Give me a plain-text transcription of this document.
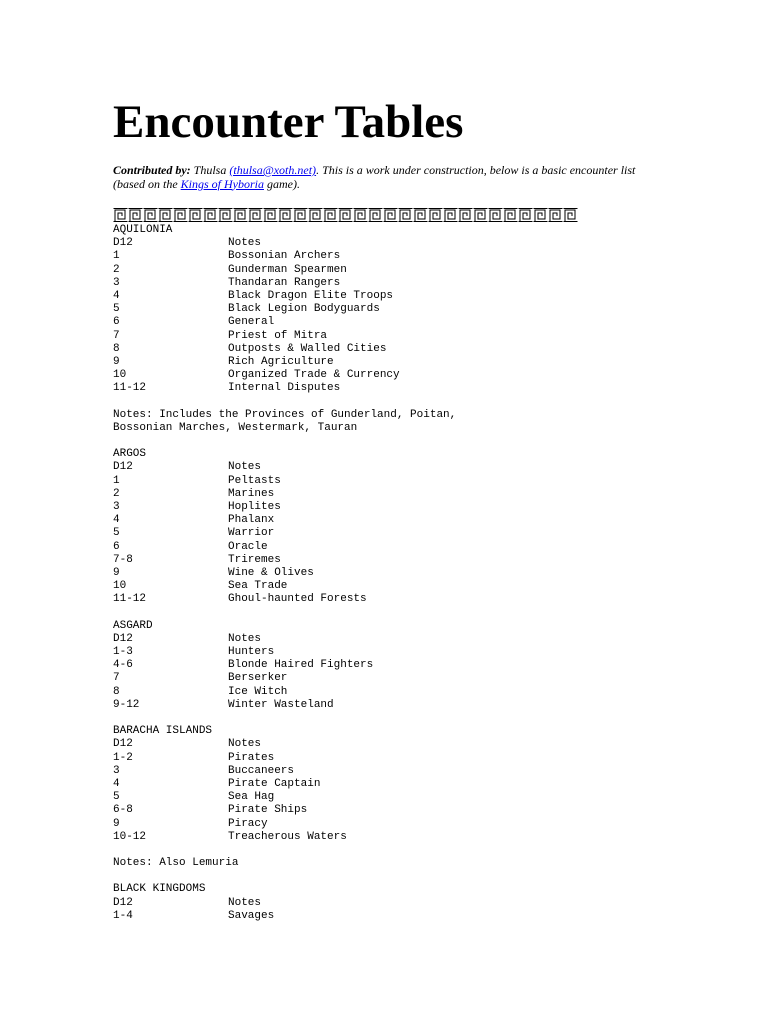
Encounter Tables
Contributed by: Thulsa (thulsa@xoth.net). This is a work under construction, below is a basic encounter list (based on the Kings of Hyboria game).
AQUILONIA
D12	Notes
1	Bossonian Archers
2	Gunderman Spearmen
3	Thandaran Rangers
4	Black Dragon Elite Troops
5	Black Legion Bodyguards
6	General
7	Priest of Mitra
8	Outposts & Walled Cities
9	Rich Agriculture
10	Organized Trade & Currency
11-12	Internal Disputes
Notes: Includes the Provinces of Gunderland, Poitan,
Bossonian Marches, Westermark, Tauran
ARGOS
D12	Notes
1	Peltasts
2	Marines
3	Hoplites
4	Phalanx
5	Warrior
6	Oracle
7-8	Triremes
9	Wine & Olives
10	Sea Trade
11-12	Ghoul-haunted Forests
ASGARD
D12	Notes
1-3	Hunters
4-6	Blonde Haired Fighters
7	Berserker
8	Ice Witch
9-12	Winter Wasteland
BARACHA ISLANDS
D12	Notes
1-2	Pirates
3	Buccaneers
4	Pirate Captain
5	Sea Hag
6-8	Pirate Ships
9	Piracy
10-12	Treacherous Waters
Notes: Also Lemuria
BLACK KINGDOMS
D12	Notes
1-4	Savages
